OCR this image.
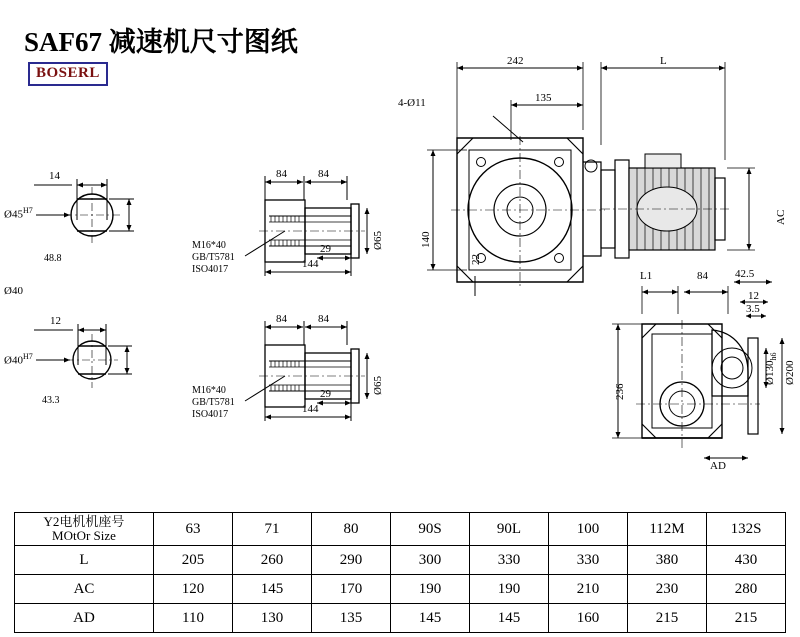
SAF67 减速机尺寸图纸
BOSERL
14
$Ø45^{H7}$
48.8
Ø40
12
$Ø40^{H7}$
43.3
84	84
M16*40
GB/T5781
ISO4017
29
144
Ø65
84	84
M16*40
GB/T5781
ISO4017
29
144
Ø65
242	L
135
4-Ø11
140
22
AC
L1	84 42.5
12
3.5
236
$Ø130_{h6}$
Ø200
AD
Y2电机机座号
MOtOr Size	63	71	80	90S	90L	100	112M	132S
L	205	260	290	300	330	330	380	430
AC	120	145	170	190	190	210	230	280
AD	110	130	135	145	145	160	215	215
